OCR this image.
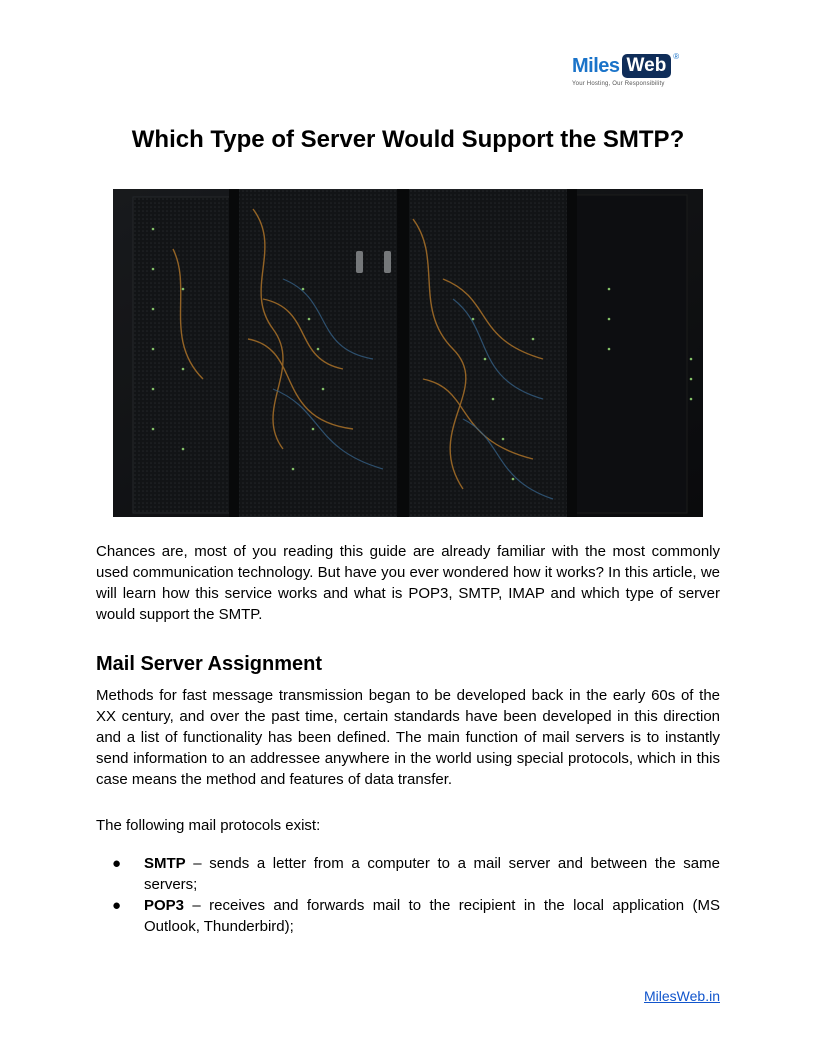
Miles Web ®
Your Hosting, Our Responsibility
Which Type of Server Would Support the SMTP?

Chances are, most of you reading this guide are already familiar with the most commonly used communication technology. But have you ever wondered how it works? In this article, we will learn how this service works and what is POP3, SMTP, IMAP and which type of server would support the SMTP.

Mail Server Assignment

Methods for fast message transmission began to be developed back in the early 60s of the XX century, and over the past time, certain standards have been developed in this direction and a list of functionality has been defined. The main function of mail servers is to instantly send information to an addressee anywhere in the world using special protocols, which in this case means the method and features of data transfer.

The following mail protocols exist:

● SMTP – sends a letter from a computer to a mail server and between the same servers;
● POP3 – receives and forwards mail to the recipient in the local application (MS Outlook, Thunderbird);
MilesWeb.in
